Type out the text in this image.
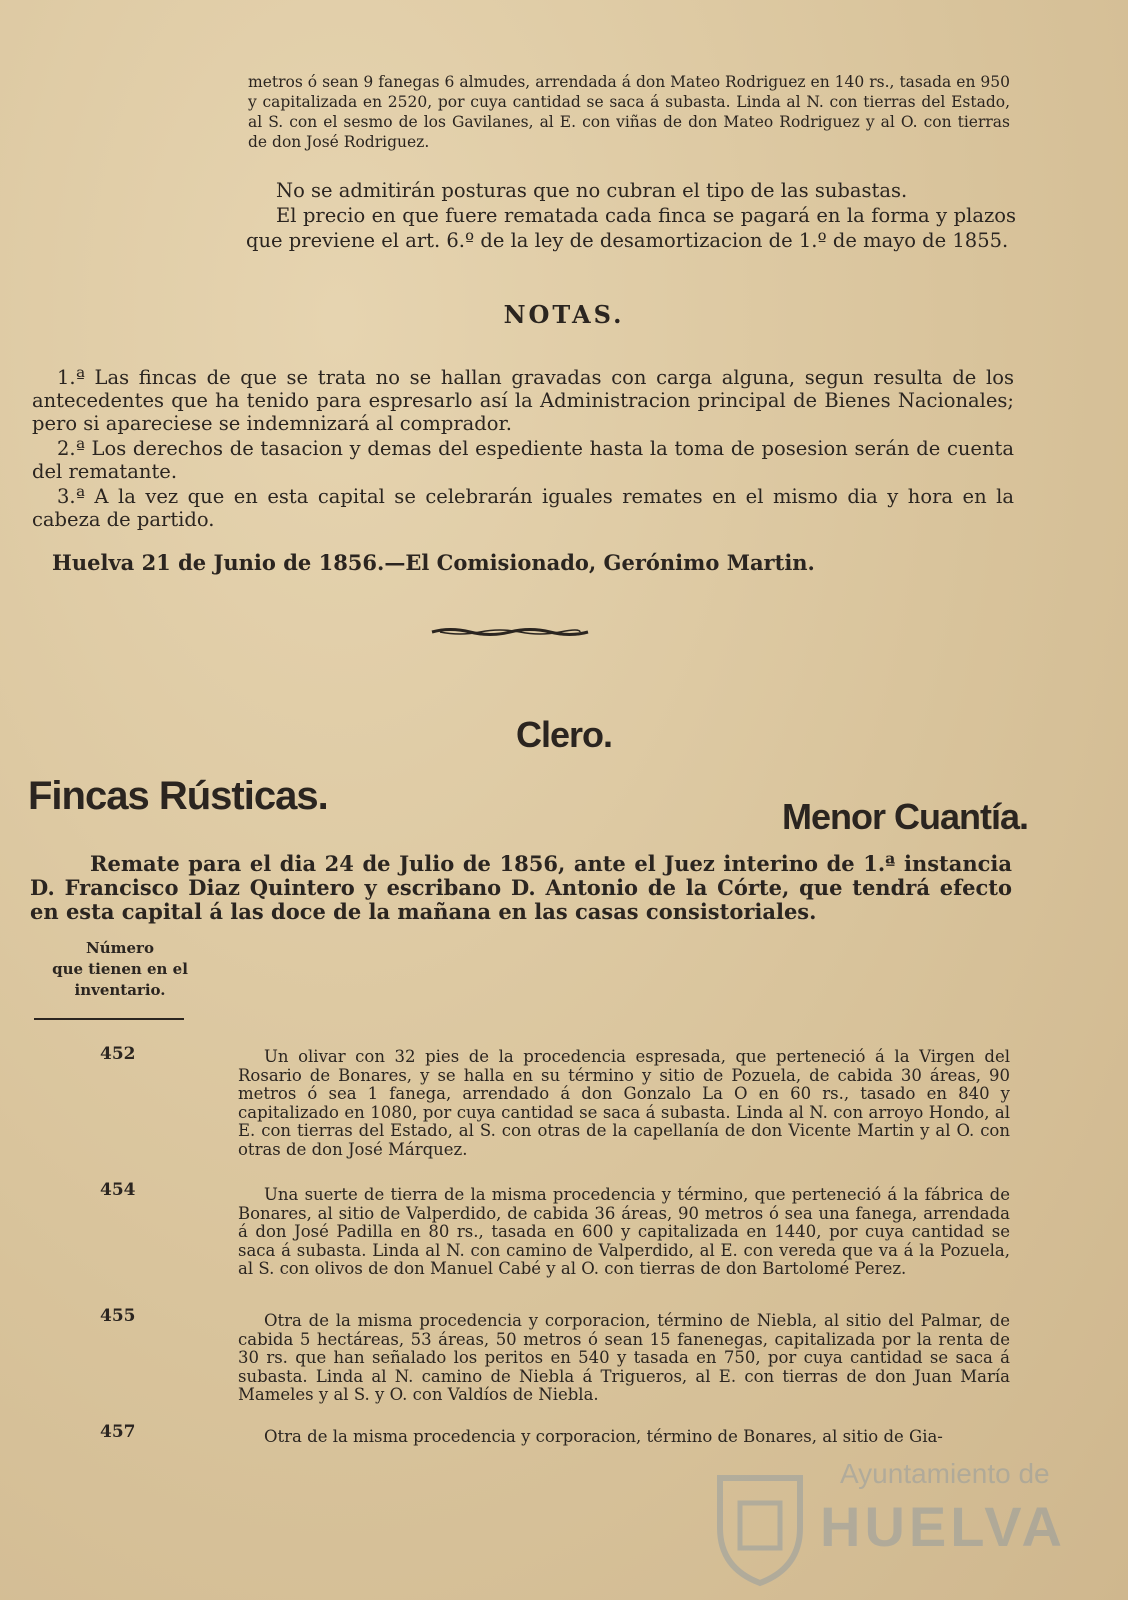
metros ó sean 9 fanegas 6 almudes, arrendada á don Mateo Rodriguez en 140 rs., tasada en 950 y capitalizada en 2520, por cuya cantidad se saca á subasta. Linda al N. con tierras del Estado, al S. con el sesmo de los Gavilanes, al E. con viñas de don Mateo Rodriguez y al O. con tierras de don José Rodriguez.

No se admitirán posturas que no cubran el tipo de las subastas.

El precio en que fuere rematada cada finca se pagará en la forma y plazos que previene el art. 6.º de la ley de desamortizacion de 1.º de mayo de 1855.

NOTAS.

1.ª Las fincas de que se trata no se hallan gravadas con carga alguna, segun resulta de los antecedentes que ha tenido para espresarlo así la Administracion principal de Bienes Nacionales; pero si apareciese se indemnizará al comprador.

2.ª Los derechos de tasacion y demas del espediente hasta la toma de posesion serán de cuenta del rematante.

3.ª A la vez que en esta capital se celebrarán iguales remates en el mismo dia y hora en la cabeza de partido.

Huelva 21 de Junio de 1856.—El Comisionado, Gerónimo Martin.
Clero.
Fincas Rústicas.	Menor Cuantía.

Remate para el dia 24 de Julio de 1856, ante el Juez interino de 1.ª instancia D. Francisco Diaz Quintero y escribano D. Antonio de la Córte, que tendrá efecto en esta capital á las doce de la mañana en las casas consistoriales.

Número
que tienen en el
inventario.
452	Un olivar con 32 pies de la procedencia espresada, que perteneció á la Virgen del Rosario de Bonares, y se halla en su término y sitio de Pozuela, de cabida 30 áreas, 90 metros ó sea 1 fanega, arrendado á don Gonzalo La O en 60 rs., tasado en 840 y capitalizado en 1080, por cuya cantidad se saca á subasta. Linda al N. con arroyo Hondo, al E. con tierras del Estado, al S. con otras de la capellanía de don Vicente Martin y al O. con otras de don José Márquez.

454	Una suerte de tierra de la misma procedencia y término, que perteneció á la fábrica de Bonares, al sitio de Valperdido, de cabida 36 áreas, 90 metros ó sea una fanega, arrendada á don José Padilla en 80 rs., tasada en 600 y capitalizada en 1440, por cuya cantidad se saca á subasta. Linda al N. con camino de Valperdido, al E. con vereda que va á la Pozuela, al S. con olivos de don Manuel Cabé y al O. con tierras de don Bartolomé Perez.

455	Otra de la misma procedencia y corporacion, término de Niebla, al sitio del Palmar, de cabida 5 hectáreas, 53 áreas, 50 metros ó sean 15 fanenegas, capitalizada por la renta de 30 rs. que han señalado los peritos en 540 y tasada en 750, por cuya cantidad se saca á subasta. Linda al N. camino de Niebla á Trigueros, al E. con tierras de don Juan María Mameles y al S. y O. con Valdíos de Niebla.

457	Otra de la misma procedencia y corporacion, término de Bonares, al sitio de Gia-

Ayuntamiento de
HUELVA
